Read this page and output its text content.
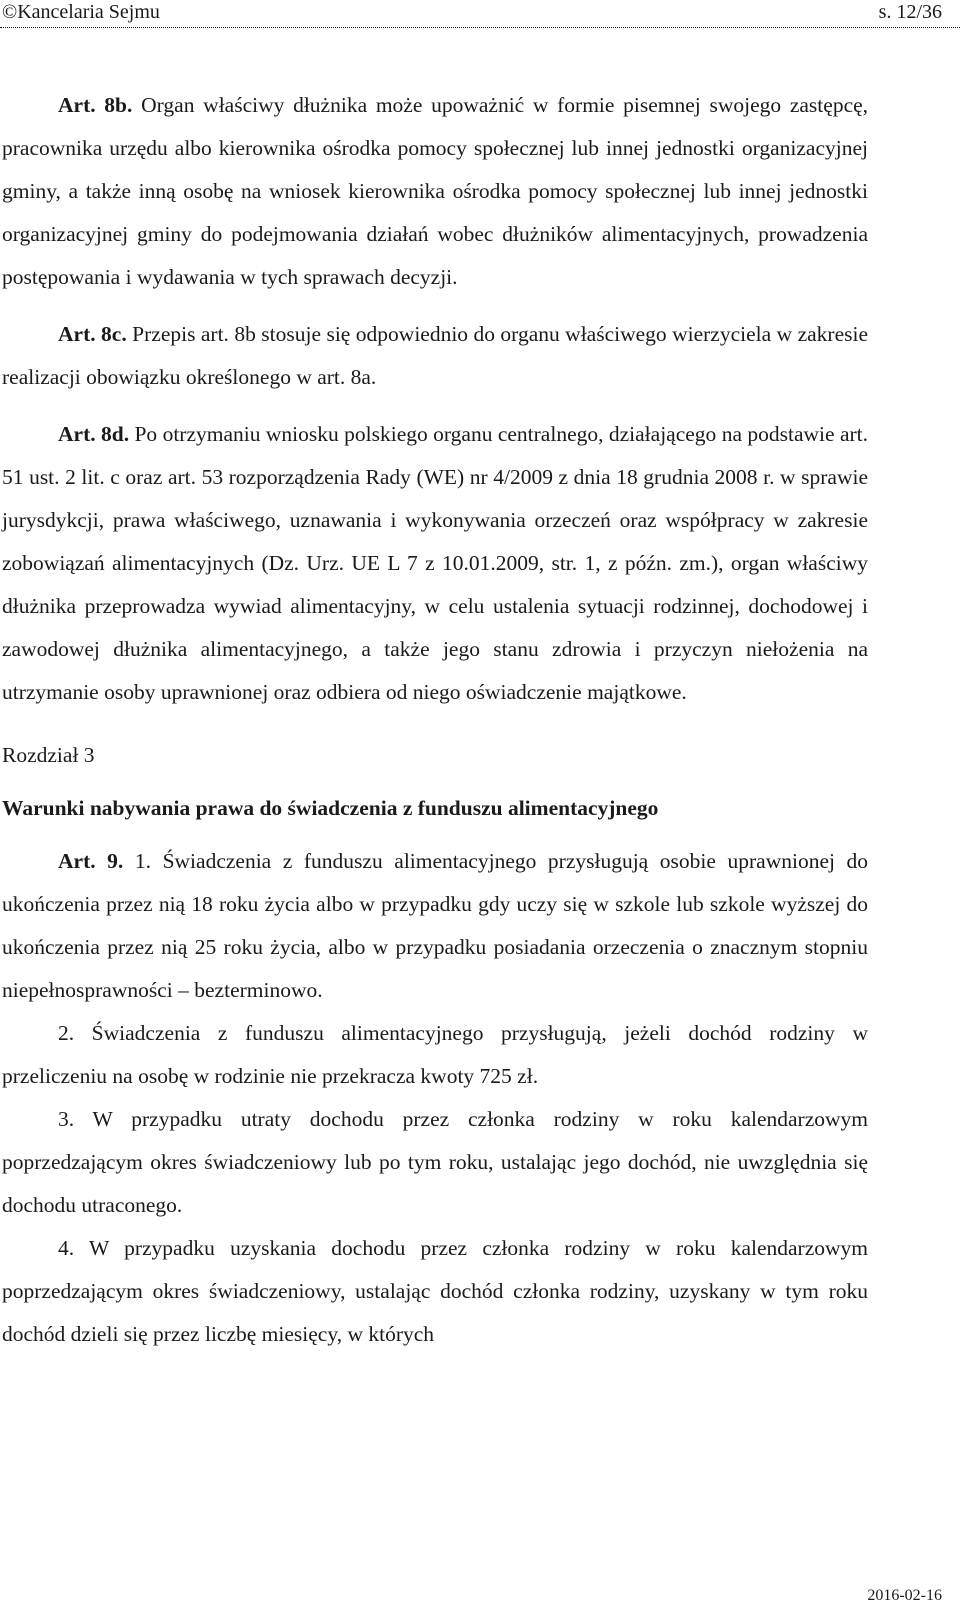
©Kancelaria Sejmu	s. 12/36

Art. 8b. Organ właściwy dłużnika może upoważnić w formie pisemnej swojego zastępcę, pracownika urzędu albo kierownika ośrodka pomocy społecznej lub innej jednostki organizacyjnej gminy, a także inną osobę na wniosek kierownika ośrodka pomocy społecznej lub innej jednostki organizacyjnej gminy do podejmowania działań wobec dłużników alimentacyjnych, prowadzenia postępowania i wydawania w tych sprawach decyzji.

Art. 8c. Przepis art. 8b stosuje się odpowiednio do organu właściwego wierzyciela w zakresie realizacji obowiązku określonego w art. 8a.

Art. 8d. Po otrzymaniu wniosku polskiego organu centralnego, działającego na podstawie art. 51 ust. 2 lit. c oraz art. 53 rozporządzenia Rady (WE) nr 4/2009 z dnia 18 grudnia 2008 r. w sprawie jurysdykcji, prawa właściwego, uznawania i wykonywania orzeczeń oraz współpracy w zakresie zobowiązań alimentacyjnych (Dz. Urz. UE L 7 z 10.01.2009, str. 1, z późn. zm.), organ właściwy dłużnika przeprowadza wywiad alimentacyjny, w celu ustalenia sytuacji rodzinnej, dochodowej i zawodowej dłużnika alimentacyjnego, a także jego stanu zdrowia i przyczyn niełożenia na utrzymanie osoby uprawnionej oraz odbiera od niego oświadczenie majątkowe.

Rozdział 3

Warunki nabywania prawa do świadczenia z funduszu alimentacyjnego

Art. 9. 1. Świadczenia z funduszu alimentacyjnego przysługują osobie uprawnionej do ukończenia przez nią 18 roku życia albo w przypadku gdy uczy się w szkole lub szkole wyższej do ukończenia przez nią 25 roku życia, albo w przypadku posiadania orzeczenia o znacznym stopniu niepełnosprawności – bezterminowo.

2. Świadczenia z funduszu alimentacyjnego przysługują, jeżeli dochód rodziny w przeliczeniu na osobę w rodzinie nie przekracza kwoty 725 zł.

3. W przypadku utraty dochodu przez członka rodziny w roku kalendarzowym poprzedzającym okres świadczeniowy lub po tym roku, ustalając jego dochód, nie uwzględnia się dochodu utraconego.

4. W przypadku uzyskania dochodu przez członka rodziny w roku kalendarzowym poprzedzającym okres świadczeniowy, ustalając dochód członka rodziny, uzyskany w tym roku dochód dzieli się przez liczbę miesięcy, w których

2016-02-16
